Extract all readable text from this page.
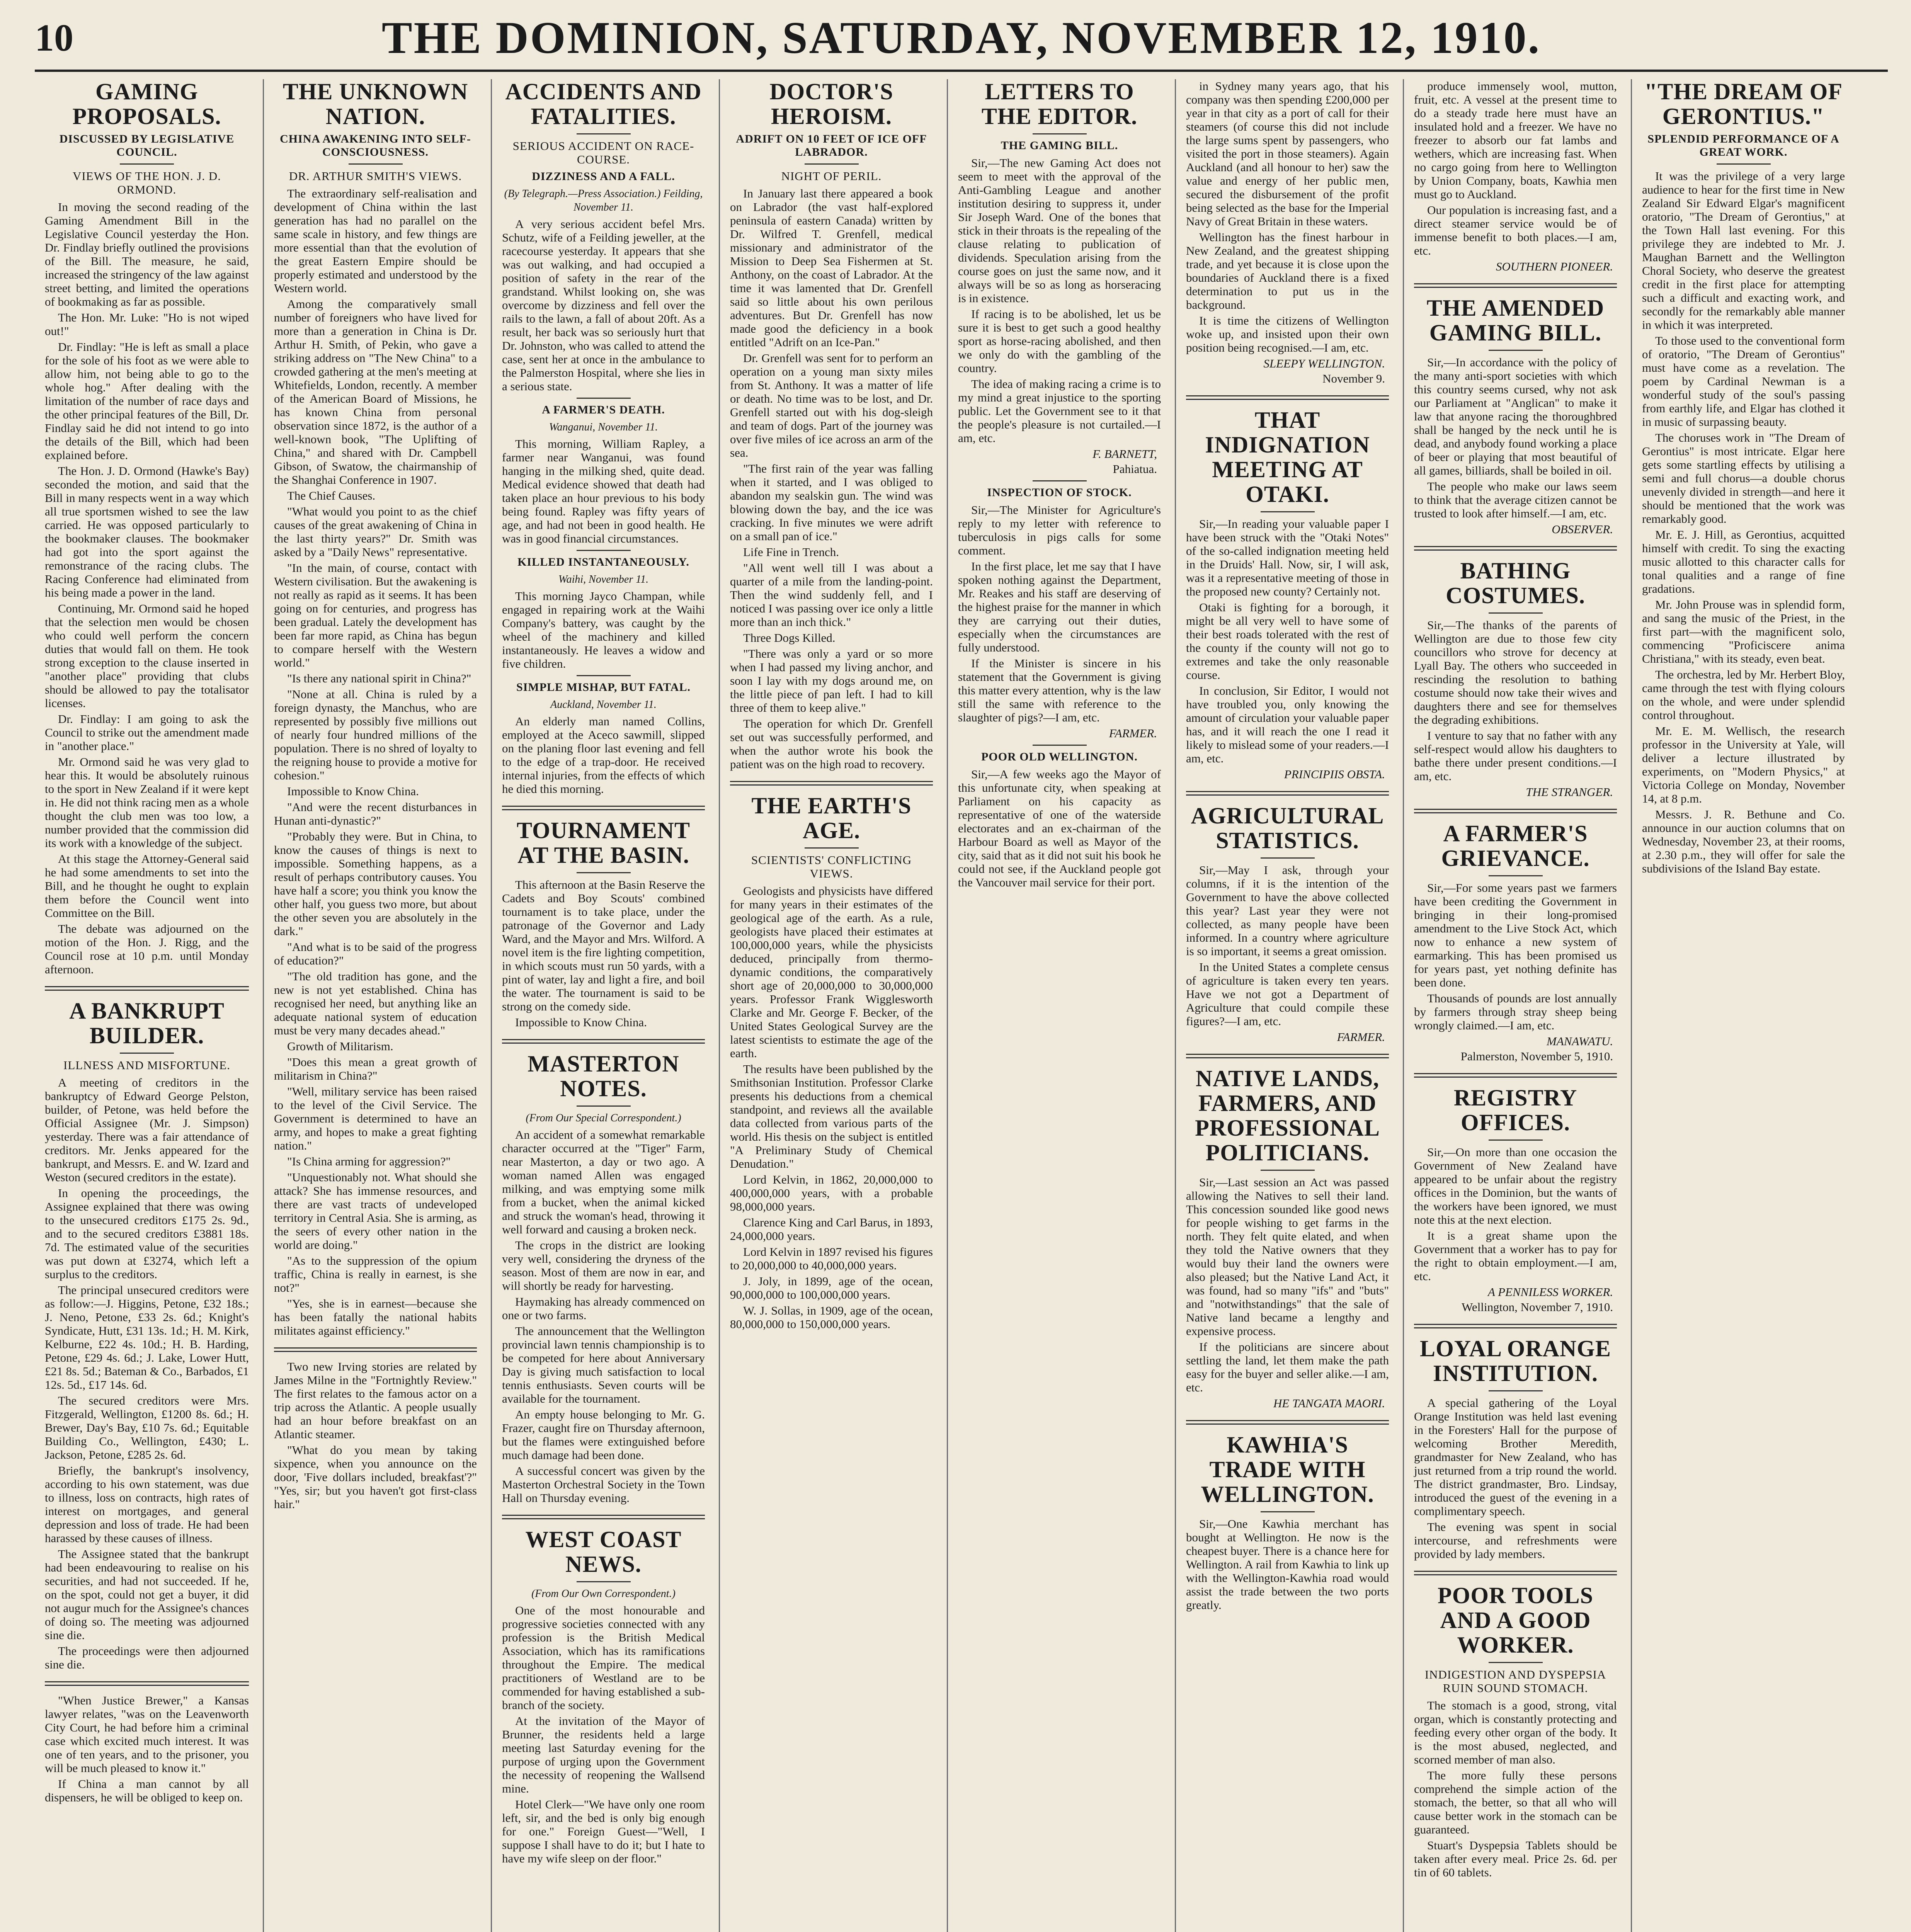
10	THE DOMINION, SATURDAY, NOVEMBER 12, 1910.
GAMING PROPOSALS.
DISCUSSED BY LEGISLATIVE COUNCIL.
VIEWS OF THE HON. J. D. ORMOND.

In moving the second reading of the Gaming Amendment Bill in the Legislative Council yesterday the Hon. Dr. Findlay briefly outlined the provisions of the Bill. The measure, he said, increased the stringency of the law against street betting, and limited the operations of bookmaking as far as possible.

The Hon. Mr. Luke: "Ho is not wiped out!"

Dr. Findlay: "He is left as small a place for the sole of his foot as we were able to allow him, not being able to go to the whole hog." After dealing with the limitation of the number of race days and the other principal features of the Bill, Dr. Findlay said he did not intend to go into the details of the Bill, which had been explained before.

The Hon. J. D. Ormond (Hawke's Bay) seconded the motion, and said that the Bill in many respects went in a way which all true sportsmen wished to see the law carried. He was opposed particularly to the bookmaker clauses. The bookmaker had got into the sport against the remonstrance of the racing clubs. The Racing Conference had eliminated from his being made a power in the land.

Continuing, Mr. Ormond said he hoped that the selection men would be chosen who could well perform the concern duties that would fall on them. He took strong exception to the clause inserted in "another place" providing that clubs should be allowed to pay the totalisator licenses.

Dr. Findlay: I am going to ask the Council to strike out the amendment made in "another place."

Mr. Ormond said he was very glad to hear this. It would be absolutely ruinous to the sport in New Zealand if it were kept in. He did not think racing men as a whole thought the club men was too low, a number provided that the commission did its work with a knowledge of the subject.

At this stage the Attorney-General said he had some amendments to set into the Bill, and he thought he ought to explain them before the Council went into Committee on the Bill.

The debate was adjourned on the motion of the Hon. J. Rigg, and the Council rose at 10 p.m. until Monday afternoon.

A BANKRUPT BUILDER.
ILLNESS AND MISFORTUNE.

A meeting of creditors in the bankruptcy of Edward George Pelston, builder, of Petone, was held before the Official Assignee (Mr. J. Simpson) yesterday. There was a fair attendance of creditors. Mr. Jenks appeared for the bankrupt, and Messrs. E. and W. Izard and Weston (secured creditors in the estate).

In opening the proceedings, the Assignee explained that there was owing to the unsecured creditors £175 2s. 9d., and to the secured creditors £3881 18s. 7d. The estimated value of the securities was put down at £3274, which left a surplus to the creditors.

The principal unsecured creditors were as follow:—J. Higgins, Petone, £32 18s.; J. Neno, Petone, £33 2s. 6d.; Knight's Syndicate, Hutt, £31 13s. 1d.; H. M. Kirk, Kelburne, £22 4s. 10d.; H. B. Harding, Petone, £29 4s. 6d.; J. Lake, Lower Hutt, £21 8s. 5d.; Bateman & Co., Barbados, £1 12s. 5d., £17 14s. 6d.

The secured creditors were Mrs. Fitzgerald, Wellington, £1200 8s. 6d.; H. Brewer, Day's Bay, £10 7s. 6d.; Equitable Building Co., Wellington, £430; L. Jackson, Petone, £285 2s. 6d.

Briefly, the bankrupt's insolvency, according to his own statement, was due to illness, loss on contracts, high rates of interest on mortgages, and general depression and loss of trade. He had been harassed by these causes of illness.

The Assignee stated that the bankrupt had been endeavouring to realise on his securities, and had not succeeded. If he, on the spot, could not get a buyer, it did not augur much for the Assignee's chances of doing so. The meeting was adjourned sine die.

The proceedings were then adjourned sine die.

"When Justice Brewer," a Kansas lawyer relates, "was on the Leavenworth City Court, he had before him a criminal case which excited much interest. It was one of ten years, and to the prisoner, you will be much pleased to know it."

If China a man cannot by all dispensers, he will be obliged to keep on.

THE UNKNOWN NATION.
CHINA AWAKENING INTO SELF-CONSCIOUSNESS.
DR. ARTHUR SMITH'S VIEWS.

The extraordinary self-realisation and development of China within the last generation has had no parallel on the same scale in history, and few things are more essential than that the evolution of the great Eastern Empire should be properly estimated and understood by the Western world.

Among the comparatively small number of foreigners who have lived for more than a generation in China is Dr. Arthur H. Smith, of Pekin, who gave a striking address on "The New China" to a crowded gathering at the men's meeting at Whitefields, London, recently. A member of the American Board of Missions, he has known China from personal observation since 1872, is the author of a well-known book, "The Uplifting of China," and shared with Dr. Campbell Gibson, of Swatow, the chairmanship of the Shanghai Conference in 1907.

The Chief Causes.

"What would you point to as the chief causes of the great awakening of China in the last thirty years?" Dr. Smith was asked by a "Daily News" representative.

"In the main, of course, contact with Western civilisation. But the awakening is not really as rapid as it seems. It has been going on for centuries, and progress has been gradual. Lately the development has been far more rapid, as China has begun to compare herself with the Western world."

"Is there any national spirit in China?"

"None at all. China is ruled by a foreign dynasty, the Manchus, who are represented by possibly five millions out of nearly four hundred millions of the population. There is no shred of loyalty to the reigning house to provide a motive for cohesion."

Impossible to Know China.

"And were the recent disturbances in Hunan anti-dynastic?"

"Probably they were. But in China, to know the causes of things is next to impossible. Something happens, as a result of perhaps contributory causes. You have half a score; you think you know the other half, you guess two more, but about the other seven you are absolutely in the dark."

"And what is to be said of the progress of education?"

"The old tradition has gone, and the new is not yet established. China has recognised her need, but anything like an adequate national system of education must be very many decades ahead."

Growth of Militarism.

"Does this mean a great growth of militarism in China?"

"Well, military service has been raised to the level of the Civil Service. The Government is determined to have an army, and hopes to make a great fighting nation."

"Is China arming for aggression?"

"Unquestionably not. What should she attack? She has immense resources, and there are vast tracts of undeveloped territory in Central Asia. She is arming, as the seers of every other nation in the world are doing."

"As to the suppression of the opium traffic, China is really in earnest, is she not?"

"Yes, she is in earnest—because she has been fatally the national habits militates against efficiency."

Two new Irving stories are related by James Milne in the "Fortnightly Review." The first relates to the famous actor on a trip across the Atlantic. A people usually had an hour before breakfast on an Atlantic steamer.

"What do you mean by taking sixpence, when you announce on the door, 'Five dollars included, breakfast'?" "Yes, sir; but you haven't got first-class hair."

ACCIDENTS AND FATALITIES.
SERIOUS ACCIDENT ON RACE-COURSE.
DIZZINESS AND A FALL.
(By Telegraph.—Press Association.) Feilding, November 11.

A very serious accident befel Mrs. Schutz, wife of a Feilding jeweller, at the racecourse yesterday. It appears that she was out walking, and had occupied a position of safety in the rear of the grandstand. Whilst looking on, she was overcome by dizziness and fell over the rails to the lawn, a fall of about 20ft. As a result, her back was so seriously hurt that Dr. Johnston, who was called to attend the case, sent her at once in the ambulance to the Palmerston Hospital, where she lies in a serious state.

A FARMER'S DEATH.
Wanganui, November 11.

This morning, William Rapley, a farmer near Wanganui, was found hanging in the milking shed, quite dead. Medical evidence showed that death had taken place an hour previous to his body being found. Rapley was fifty years of age, and had not been in good health. He was in good financial circumstances.

KILLED INSTANTANEOUSLY.
Waihi, November 11.

This morning Jayco Champan, while engaged in repairing work at the Waihi Company's battery, was caught by the wheel of the machinery and killed instantaneously. He leaves a widow and five children.

SIMPLE MISHAP, BUT FATAL.
Auckland, November 11.

An elderly man named Collins, employed at the Aceco sawmill, slipped on the planing floor last evening and fell to the edge of a trap-door. He received internal injuries, from the effects of which he died this morning.

TOURNAMENT AT THE BASIN.

This afternoon at the Basin Reserve the Cadets and Boy Scouts' combined tournament is to take place, under the patronage of the Governor and Lady Ward, and the Mayor and Mrs. Wilford. A novel item is the fire lighting competition, in which scouts must run 50 yards, with a pint of water, lay and light a fire, and boil the water. The tournament is said to be strong on the comedy side.

Impossible to Know China.

MASTERTON NOTES.
(From Our Special Correspondent.)

An accident of a somewhat remarkable character occurred at the "Tiger" Farm, near Masterton, a day or two ago. A woman named Allen was engaged milking, and was emptying some milk from a bucket, when the animal kicked and struck the woman's head, throwing it well forward and causing a broken neck.

The crops in the district are looking very well, considering the dryness of the season. Most of them are now in ear, and will shortly be ready for harvesting.

Haymaking has already commenced on one or two farms.

The announcement that the Wellington provincial lawn tennis championship is to be competed for here about Anniversary Day is giving much satisfaction to local tennis enthusiasts. Seven courts will be available for the tournament.

An empty house belonging to Mr. G. Frazer, caught fire on Thursday afternoon, but the flames were extinguished before much damage had been done.

A successful concert was given by the Masterton Orchestral Society in the Town Hall on Thursday evening.

WEST COAST NEWS.
(From Our Own Correspondent.)

One of the most honourable and progressive societies connected with any profession is the British Medical Association, which has its ramifications throughout the Empire. The medical practitioners of Westland are to be commended for having established a sub-branch of the society.

At the invitation of the Mayor of Brunner, the residents held a large meeting last Saturday evening for the purpose of urging upon the Government the necessity of reopening the Wallsend mine.

Hotel Clerk—"We have only one room left, sir, and the bed is only big enough for one." Foreign Guest—"Well, I suppose I shall have to do it; but I hate to have my wife sleep on der floor."

DOCTOR'S HEROISM.
ADRIFT ON 10 FEET OF ICE OFF LABRADOR.
NIGHT OF PERIL.

In January last there appeared a book on Labrador (the vast half-explored peninsula of eastern Canada) written by Dr. Wilfred T. Grenfell, medical missionary and administrator of the Mission to Deep Sea Fishermen at St. Anthony, on the coast of Labrador. At the time it was lamented that Dr. Grenfell said so little about his own perilous adventures. But Dr. Grenfell has now made good the deficiency in a book entitled "Adrift on an Ice-Pan."

Dr. Grenfell was sent for to perform an operation on a young man sixty miles from St. Anthony. It was a matter of life or death. No time was to be lost, and Dr. Grenfell started out with his dog-sleigh and team of dogs. Part of the journey was over five miles of ice across an arm of the sea.

"The first rain of the year was falling when it started, and I was obliged to abandon my sealskin gun. The wind was blowing down the bay, and the ice was cracking. In five minutes we were adrift on a small pan of ice."

Life Fine in Trench.

"All went well till I was about a quarter of a mile from the landing-point. Then the wind suddenly fell, and I noticed I was passing over ice only a little more than an inch thick."

Three Dogs Killed.

"There was only a yard or so more when I had passed my living anchor, and soon I lay with my dogs around me, on the little piece of pan left. I had to kill three of them to keep alive."

The operation for which Dr. Grenfell set out was successfully performed, and when the author wrote his book the patient was on the high road to recovery.

THE EARTH'S AGE.
SCIENTISTS' CONFLICTING VIEWS.

Geologists and physicists have differed for many years in their estimates of the geological age of the earth. As a rule, geologists have placed their estimates at 100,000,000 years, while the physicists deduced, principally from thermo-dynamic conditions, the comparatively short age of 20,000,000 to 30,000,000 years. Professor Frank Wigglesworth Clarke and Mr. George F. Becker, of the United States Geological Survey are the latest scientists to estimate the age of the earth.

The results have been published by the Smithsonian Institution. Professor Clarke presents his deductions from a chemical standpoint, and reviews all the available data collected from various parts of the world. His thesis on the subject is entitled "A Preliminary Study of Chemical Denudation."

Lord Kelvin, in 1862, 20,000,000 to 400,000,000 years, with a probable 98,000,000 years.

Clarence King and Carl Barus, in 1893, 24,000,000 years.

Lord Kelvin in 1897 revised his figures to 20,000,000 to 40,000,000 years.

J. Joly, in 1899, age of the ocean, 90,000,000 to 100,000,000 years.

W. J. Sollas, in 1909, age of the ocean, 80,000,000 to 150,000,000 years.

LETTERS TO THE EDITOR.
THE GAMING BILL.

Sir,—The new Gaming Act does not seem to meet with the approval of the Anti-Gambling League and another institution desiring to suppress it, under Sir Joseph Ward. One of the bones that stick in their throats is the repealing of the clause relating to publication of dividends. Speculation arising from the course goes on just the same now, and it always will be so as long as horseracing is in existence.

If racing is to be abolished, let us be sure it is best to get such a good healthy sport as horse-racing abolished, and then we only do with the gambling of the country.

The idea of making racing a crime is to my mind a great injustice to the sporting public. Let the Government see to it that the people's pleasure is not curtailed.—I am, etc.

F. BARNETT,
Pahiatua.
INSPECTION OF STOCK.

Sir,—The Minister for Agriculture's reply to my letter with reference to tuberculosis in pigs calls for some comment.

In the first place, let me say that I have spoken nothing against the Department, Mr. Reakes and his staff are deserving of the highest praise for the manner in which they are carrying out their duties, especially when the circumstances are fully understood.

If the Minister is sincere in his statement that the Government is giving this matter every attention, why is the law still the same with reference to the slaughter of pigs?—I am, etc.

FARMER.
POOR OLD WELLINGTON.

Sir,—A few weeks ago the Mayor of this unfortunate city, when speaking at Parliament on his capacity as representative of one of the waterside electorates and an ex-chairman of the Harbour Board as well as Mayor of the city, said that as it did not suit his book he could not see, if the Auckland people got the Vancouver mail service for their port.

in Sydney many years ago, that his company was then spending £200,000 per year in that city as a port of call for their steamers (of course this did not include the large sums spent by passengers, who visited the port in those steamers). Again Auckland (and all honour to her) saw the value and energy of her public men, secured the disbursement of the profit being selected as the base for the Imperial Navy of Great Britain in these waters.

Wellington has the finest harbour in New Zealand, and the greatest shipping trade, and yet because it is close upon the boundaries of Auckland there is a fixed determination to put us in the background.

It is time the citizens of Wellington woke up, and insisted upon their own position being recognised.—I am, etc.

SLEEPY WELLINGTON.
November 9.
THAT INDIGNATION MEETING AT OTAKI.

Sir,—In reading your valuable paper I have been struck with the "Otaki Notes" of the so-called indignation meeting held in the Druids' Hall. Now, sir, I will ask, was it a representative meeting of those in the proposed new county? Certainly not.

Otaki is fighting for a borough, it might be all very well to have some of their best roads tolerated with the rest of the county if the county will not go to extremes and take the only reasonable course.

In conclusion, Sir Editor, I would not have troubled you, only knowing the amount of circulation your valuable paper has, and it will reach the one I read it likely to mislead some of your readers.—I am, etc.

PRINCIPIIS OBSTA.
AGRICULTURAL STATISTICS.

Sir,—May I ask, through your columns, if it is the intention of the Government to have the above collected this year? Last year they were not collected, as many people have been informed. In a country where agriculture is so important, it seems a great omission.

In the United States a complete census of agriculture is taken every ten years. Have we not got a Department of Agriculture that could compile these figures?—I am, etc.

FARMER.
NATIVE LANDS, FARMERS, AND PROFESSIONAL POLITICIANS.

Sir,—Last session an Act was passed allowing the Natives to sell their land. This concession sounded like good news for people wishing to get farms in the north. They felt quite elated, and when they told the Native owners that they would buy their land the owners were also pleased; but the Native Land Act, it was found, had so many "ifs" and "buts" and "notwithstandings" that the sale of Native land became a lengthy and expensive process.

If the politicians are sincere about settling the land, let them make the path easy for the buyer and seller alike.—I am, etc.

HE TANGATA MAORI.
KAWHIA'S TRADE WITH WELLINGTON.

Sir,—One Kawhia merchant has bought at Wellington. He now is the cheapest buyer. There is a chance here for Wellington. A rail from Kawhia to link up with the Wellington-Kawhia road would assist the trade between the two ports greatly.

produce immensely wool, mutton, fruit, etc. A vessel at the present time to do a steady trade here must have an insulated hold and a freezer. We have no freezer to absorb our fat lambs and wethers, which are increasing fast. When no cargo going from here to Wellington by Union Company, boats, Kawhia men must go to Auckland.

Our population is increasing fast, and a direct steamer service would be of immense benefit to both places.—I am, etc.

SOUTHERN PIONEER.
THE AMENDED GAMING BILL.

Sir,—In accordance with the policy of the many anti-sport societies with which this country seems cursed, why not ask our Parliament at "Anglican" to make it law that anyone racing the thoroughbred shall be hanged by the neck until he is dead, and anybody found working a place of beer or playing that most beautiful of all games, billiards, shall be boiled in oil.

The people who make our laws seem to think that the average citizen cannot be trusted to look after himself.—I am, etc.

OBSERVER.
BATHING COSTUMES.

Sir,—The thanks of the parents of Wellington are due to those few city councillors who strove for decency at Lyall Bay. The others who succeeded in rescinding the resolution to bathing costume should now take their wives and daughters there and see for themselves the degrading exhibitions.

I venture to say that no father with any self-respect would allow his daughters to bathe there under present conditions.—I am, etc.

THE STRANGER.
A FARMER'S GRIEVANCE.

Sir,—For some years past we farmers have been crediting the Government in bringing in their long-promised amendment to the Live Stock Act, which now to enhance a new system of earmarking. This has been promised us for years past, yet nothing definite has been done.

Thousands of pounds are lost annually by farmers through stray sheep being wrongly claimed.—I am, etc.

MANAWATU.
Palmerston, November 5, 1910.
REGISTRY OFFICES.

Sir,—On more than one occasion the Government of New Zealand have appeared to be unfair about the registry offices in the Dominion, but the wants of the workers have been ignored, we must note this at the next election.

It is a great shame upon the Government that a worker has to pay for the right to obtain employment.—I am, etc.

A PENNILESS WORKER.
Wellington, November 7, 1910.
LOYAL ORANGE INSTITUTION.

A special gathering of the Loyal Orange Institution was held last evening in the Foresters' Hall for the purpose of welcoming Brother Meredith, grandmaster for New Zealand, who has just returned from a trip round the world. The district grandmaster, Bro. Lindsay, introduced the guest of the evening in a complimentary speech.

The evening was spent in social intercourse, and refreshments were provided by lady members.

POOR TOOLS AND A GOOD WORKER.
INDIGESTION AND DYSPEPSIA RUIN SOUND STOMACH.

The stomach is a good, strong, vital organ, which is constantly protecting and feeding every other organ of the body. It is the most abused, neglected, and scorned member of man also.

The more fully these persons comprehend the simple action of the stomach, the better, so that all who will cause better work in the stomach can be guaranteed.

Stuart's Dyspepsia Tablets should be taken after every meal. Price 2s. 6d. per tin of 60 tablets.

"THE DREAM OF GERONTIUS."
SPLENDID PERFORMANCE OF A GREAT WORK.

It was the privilege of a very large audience to hear for the first time in New Zealand Sir Edward Elgar's magnificent oratorio, "The Dream of Gerontius," at the Town Hall last evening. For this privilege they are indebted to Mr. J. Maughan Barnett and the Wellington Choral Society, who deserve the greatest credit in the first place for attempting such a difficult and exacting work, and secondly for the remarkably able manner in which it was interpreted.

To those used to the conventional form of oratorio, "The Dream of Gerontius" must have come as a revelation. The poem by Cardinal Newman is a wonderful study of the soul's passing from earthly life, and Elgar has clothed it in music of surpassing beauty.

The choruses work in "The Dream of Gerontius" is most intricate. Elgar here gets some startling effects by utilising a semi and full chorus—a double chorus unevenly divided in strength—and here it should be mentioned that the work was remarkably good.

Mr. E. J. Hill, as Gerontius, acquitted himself with credit. To sing the exacting music allotted to this character calls for tonal qualities and a range of fine gradations.

Mr. John Prouse was in splendid form, and sang the music of the Priest, in the first part—with the magnificent solo, commencing "Proficiscere anima Christiana," with its steady, even beat.

The orchestra, led by Mr. Herbert Bloy, came through the test with flying colours on the whole, and were under splendid control throughout.

Mr. E. M. Wellisch, the research professor in the University at Yale, will deliver a lecture illustrated by experiments, on "Modern Physics," at Victoria College on Monday, November 14, at 8 p.m.

Messrs. J. R. Bethune and Co. announce in our auction columns that on Wednesday, November 23, at their rooms, at 2.30 p.m., they will offer for sale the subdivisions of the Island Bay estate.
